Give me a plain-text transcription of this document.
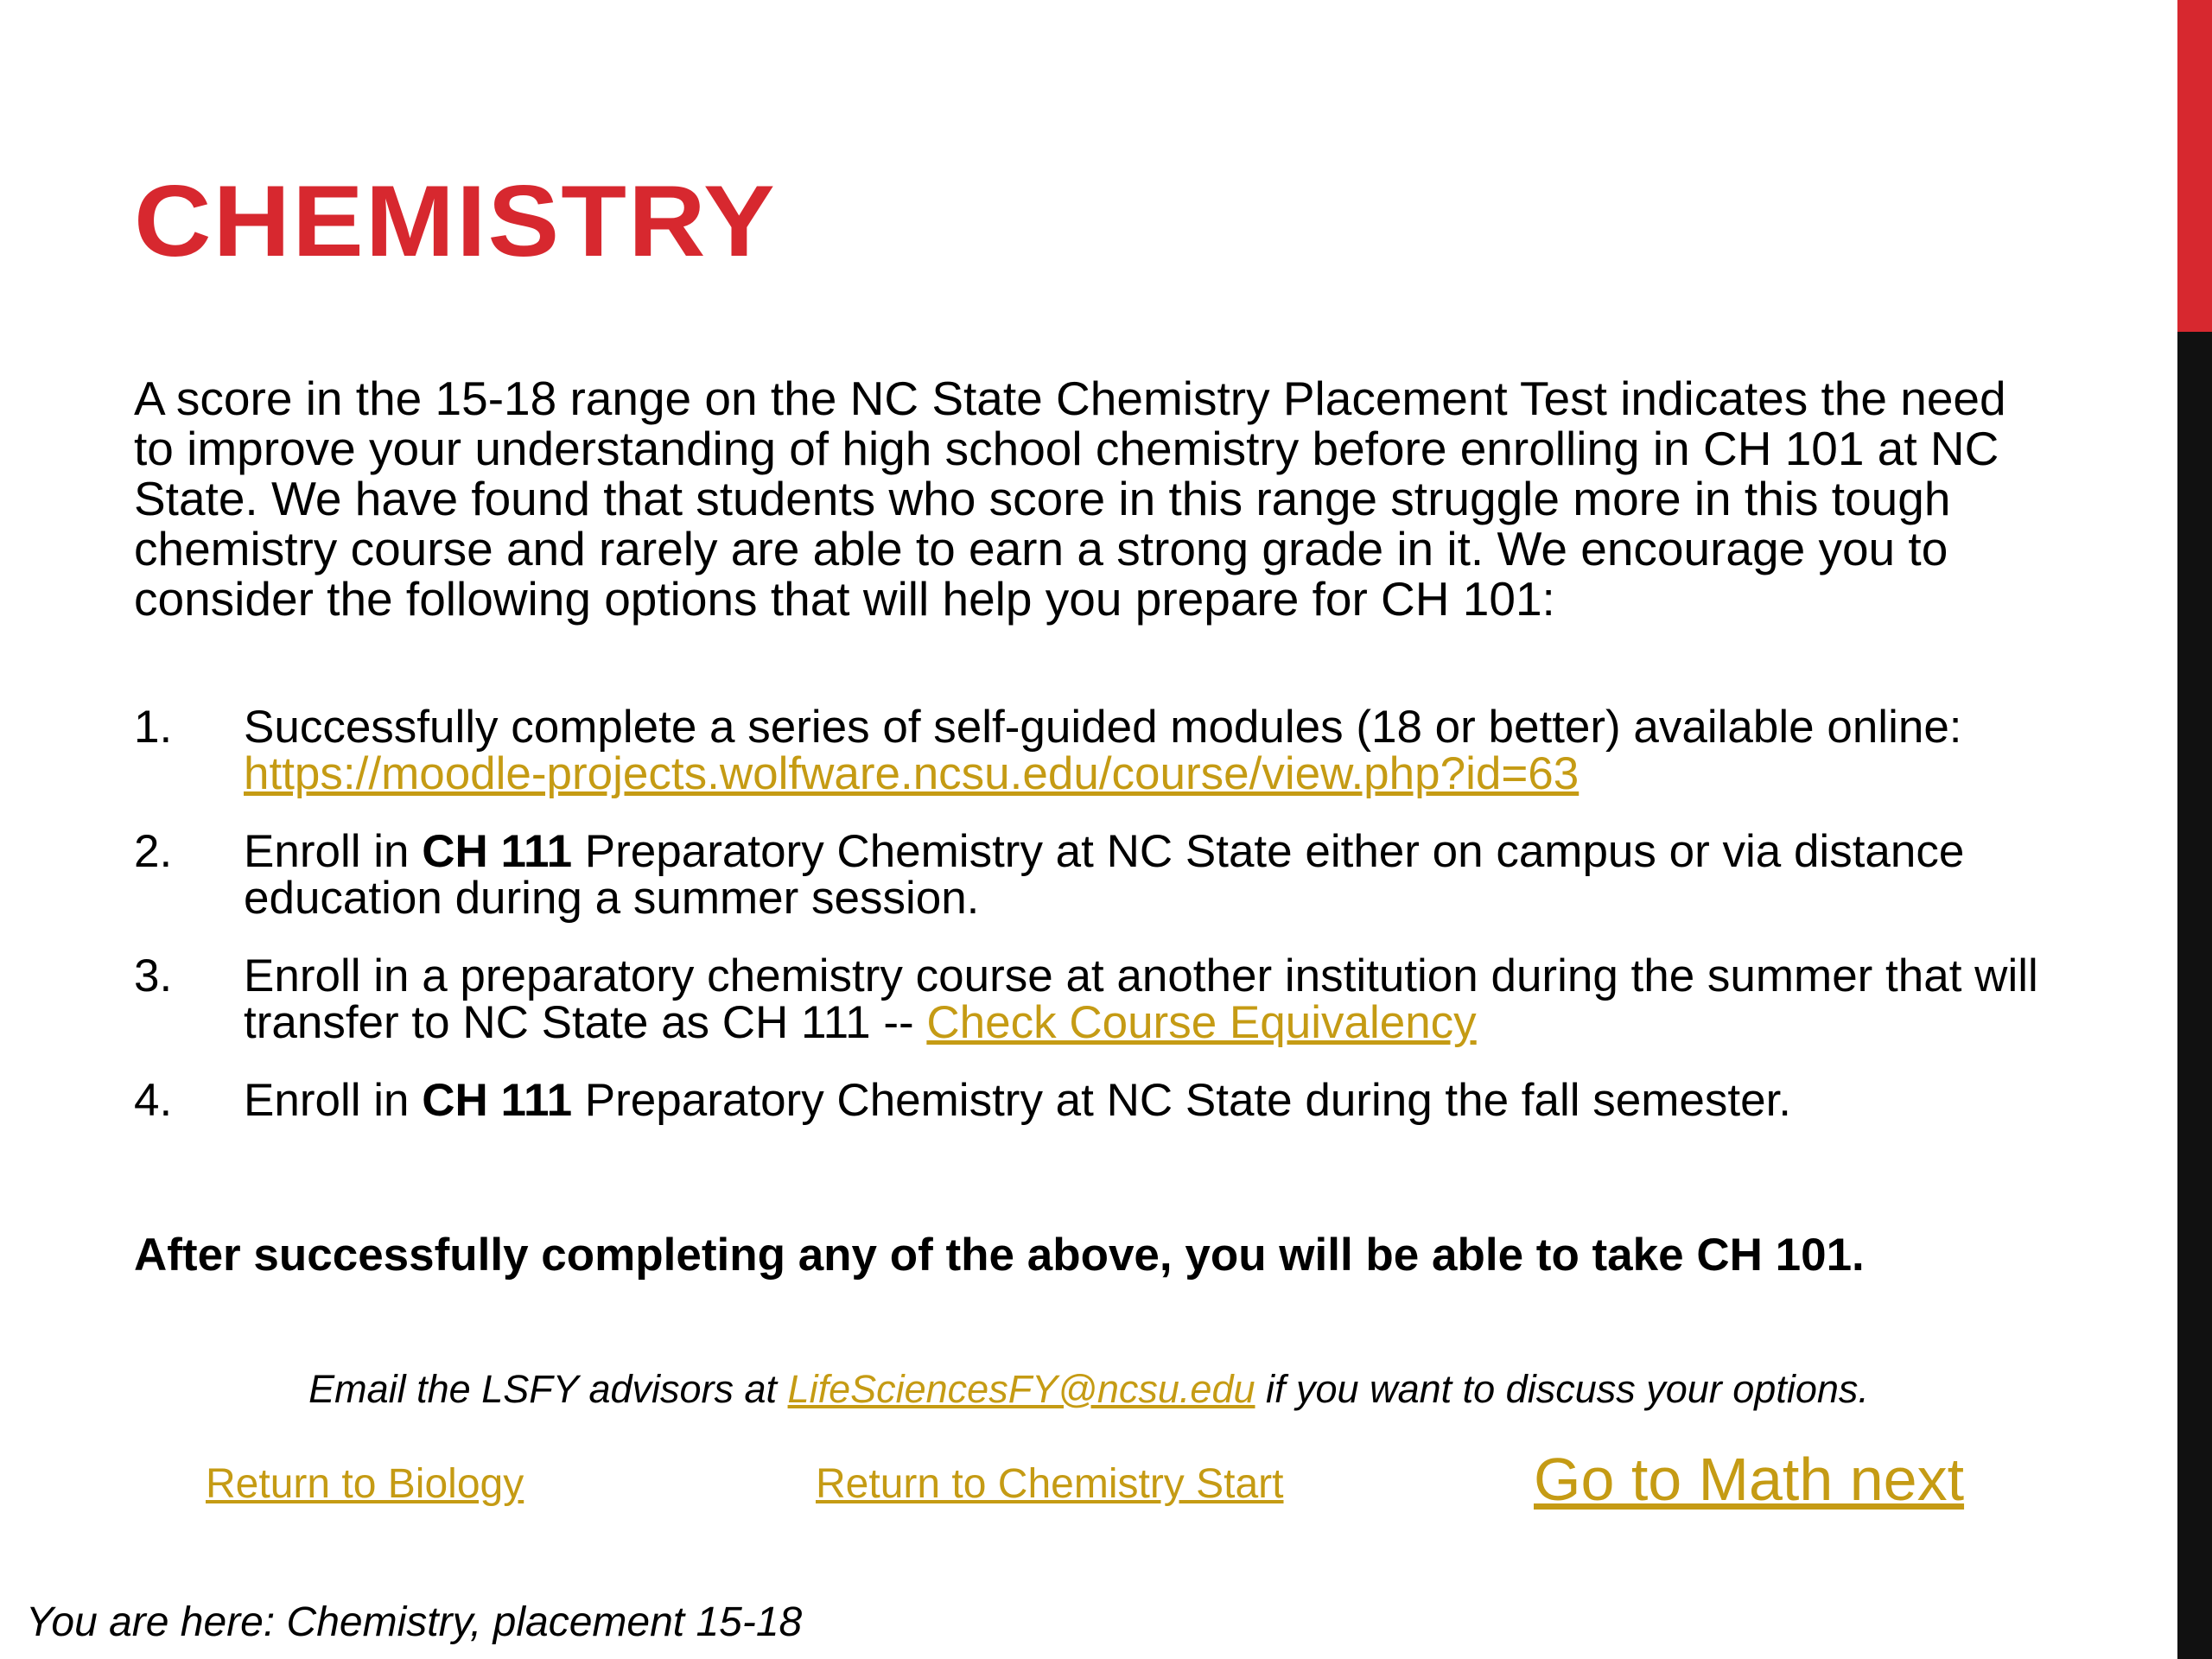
CHEMISTRY

A score in the 15-18 range on the NC State Chemistry Placement Test indicates the need to improve your understanding of high school chemistry before enrolling in CH 101 at NC State. We have found that students who score in this range struggle more in this tough chemistry course and rarely are able to earn a strong grade in it. We encourage you to consider the following options that will help you prepare for CH 101:

1. Successfully complete a series of self-guided modules (18 or better) available online: https://moodle-projects.wolfware.ncsu.edu/course/view.php?id=63
2. Enroll in CH 111 Preparatory Chemistry at NC State either on campus or via distance education during a summer session.
3. Enroll in a preparatory chemistry course at another institution during the summer that will transfer to NC State as CH 111 -- Check Course Equivalency
4. Enroll in CH 111 Preparatory Chemistry at NC State during the fall semester.

After successfully completing any of the above, you will be able to take CH 101.

Email the LSFY advisors at LifeSciencesFY@ncsu.edu if you want to discuss your options.
Return to Biology	Return to Chemistry Start	Go to Math next
You are here: Chemistry, placement 15-18
